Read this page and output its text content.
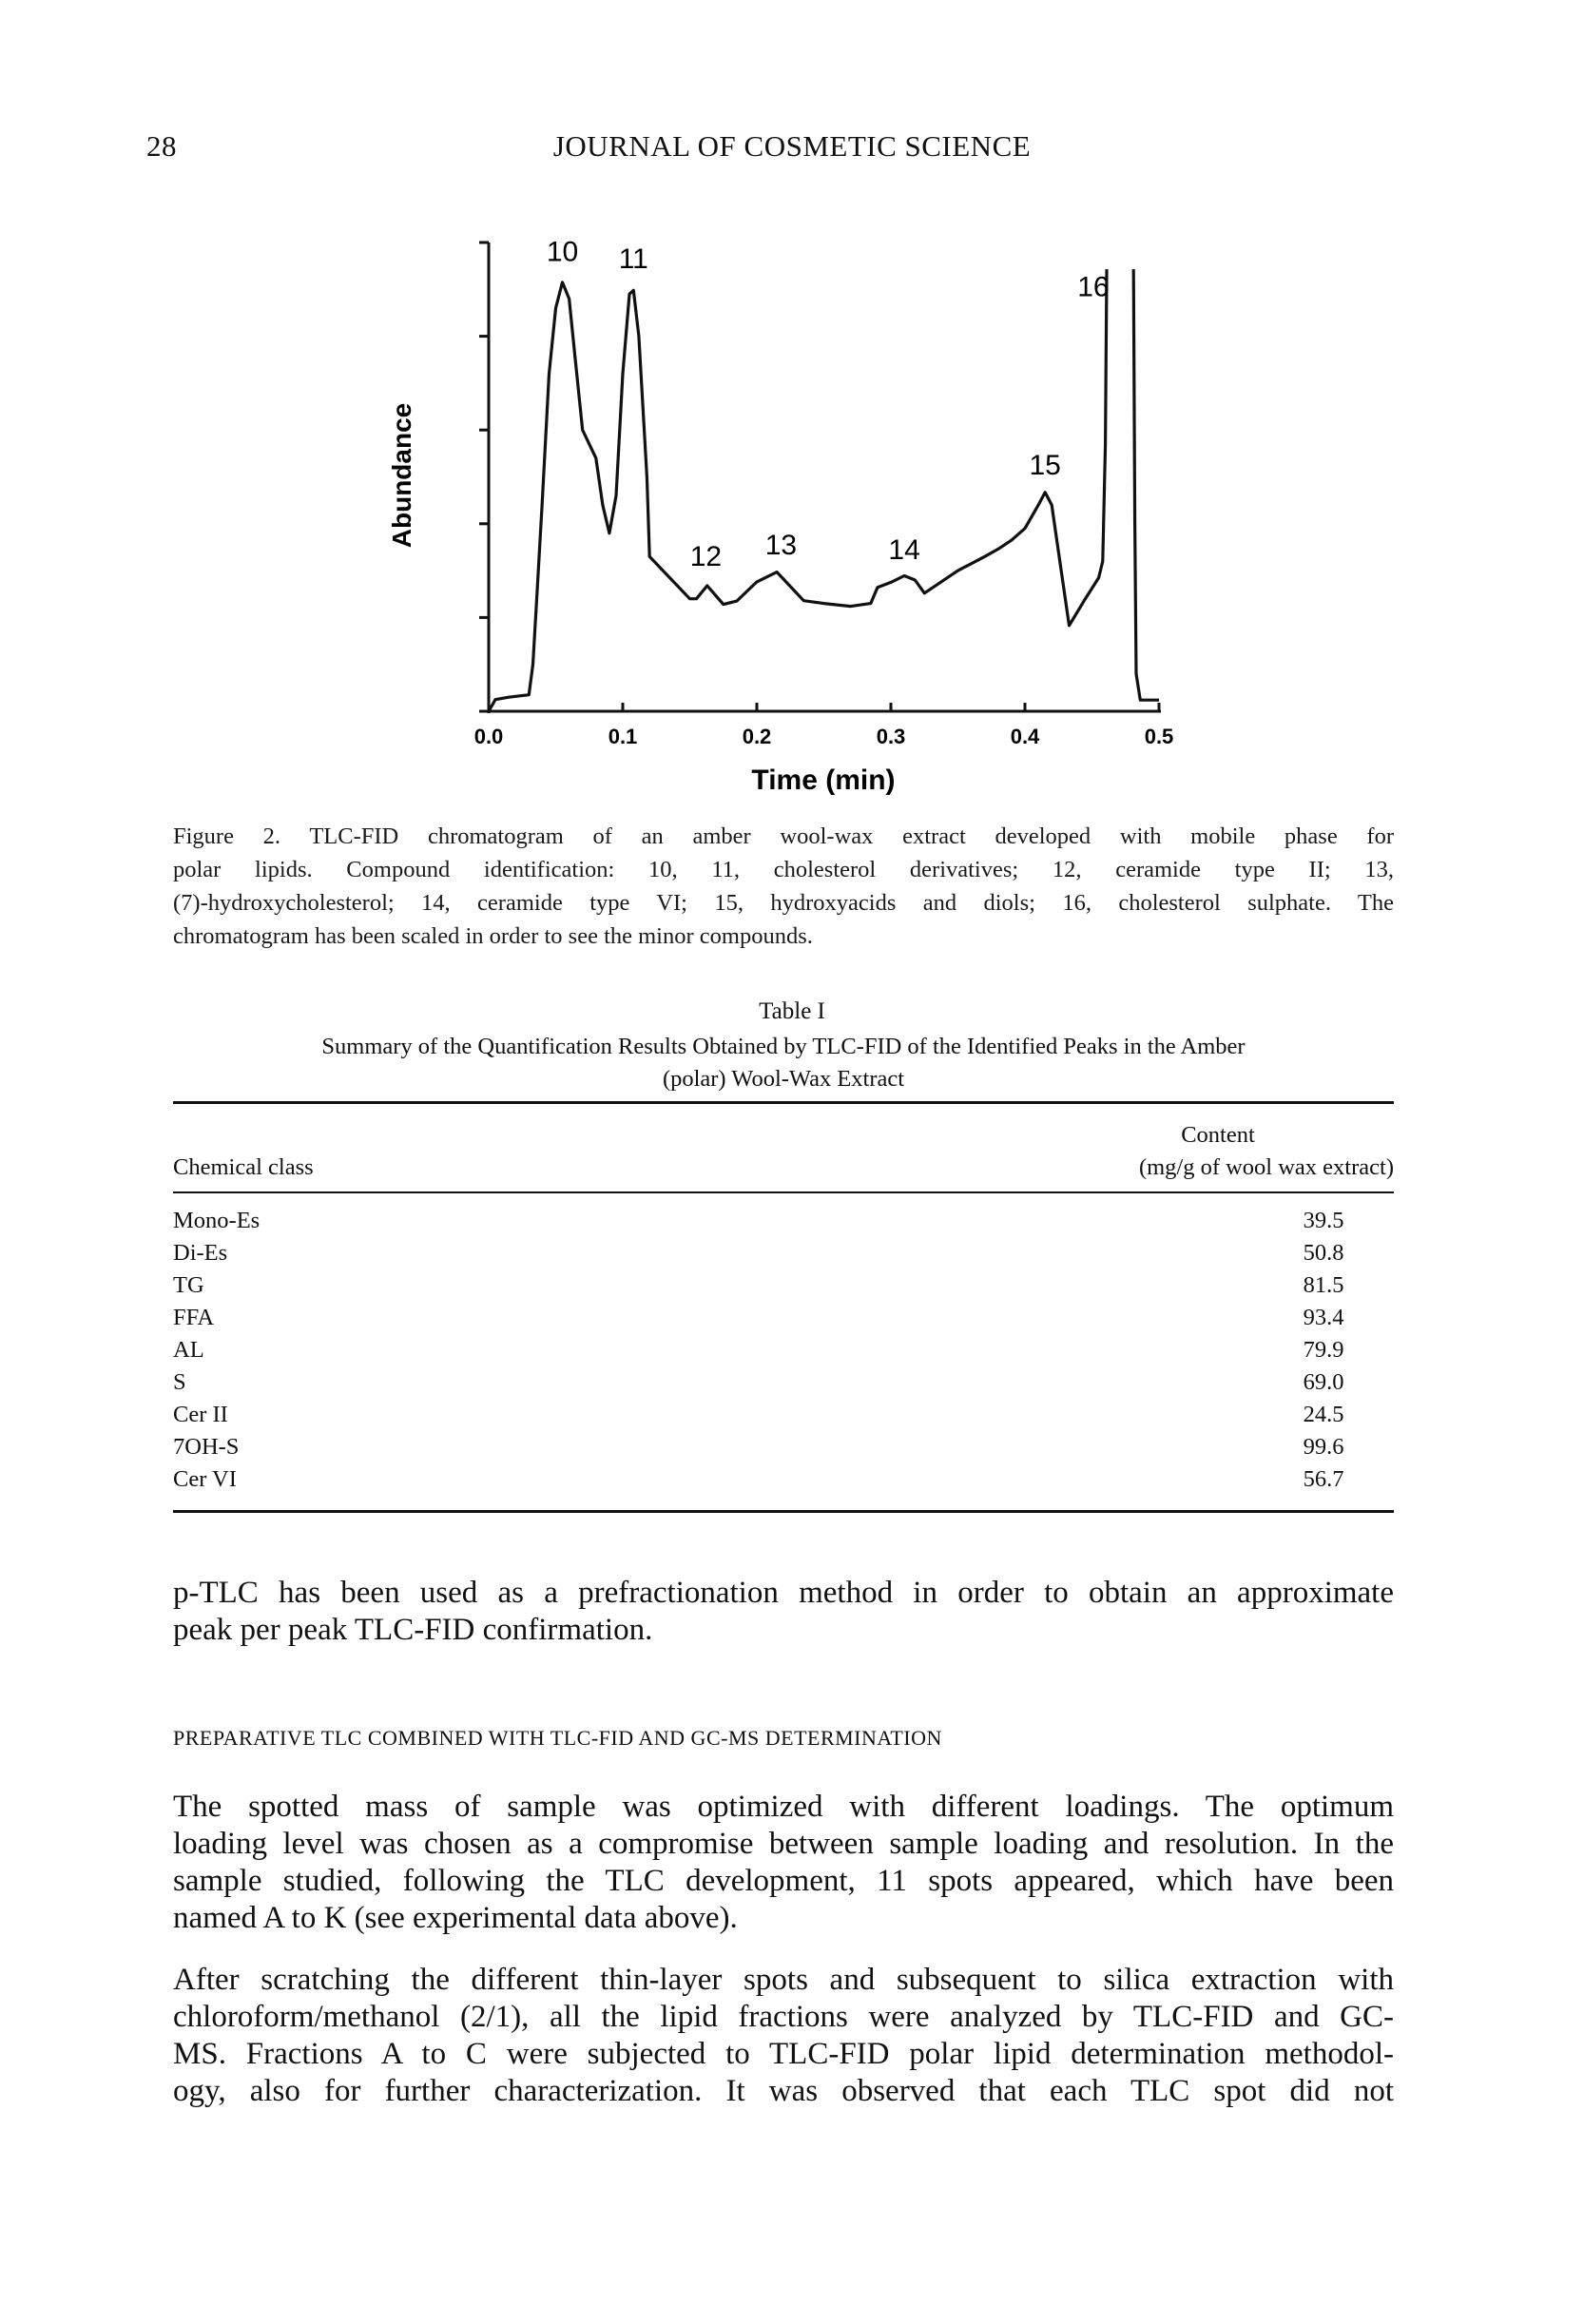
28	JOURNAL OF COSMETIC SCIENCE
0.0	0.1	0.2	0.3	0.4	0.5
10 11
12 13	14
15
16
Time (min)
Abundance
Figure 2. TLC-FID chromatogram of an amber wool-wax extract developed with mobile phase for
polar lipids. Compound identification: 10, 11, cholesterol derivatives; 12, ceramide type II; 13,
(7)-hydroxycholesterol; 14, ceramide type VI; 15, hydroxyacids and diols; 16, cholesterol sulphate. The
chromatogram has been scaled in order to see the minor compounds.
Table I
Summary of the Quantification Results Obtained by TLC-FID of the Identified Peaks in the Amber
(polar) Wool-Wax Extract
Content
Chemical class	(mg/g of wool wax extract)
Mono-Es	39.5
Di-Es	50.8
TG	81.5
FFA	93.4
AL	79.9
S	69.0
Cer II	24.5
7OH-S	99.6
Cer VI	56.7
p-TLC has been used as a prefractionation method in order to obtain an approximate
peak per peak TLC-FID confirmation.
PREPARATIVE TLC COMBINED WITH TLC-FID AND GC-MS DETERMINATION
The spotted mass of sample was optimized with different loadings. The optimum
loading level was chosen as a compromise between sample loading and resolution. In the
sample studied, following the TLC development, 11 spots appeared, which have been
named A to K (see experimental data above).
After scratching the different thin-layer spots and subsequent to silica extraction with
chloroform/methanol (2/1), all the lipid fractions were analyzed by TLC-FID and GC-
MS. Fractions A to C were subjected to TLC-FID polar lipid determination methodol-
ogy, also for further characterization. It was observed that each TLC spot did not
